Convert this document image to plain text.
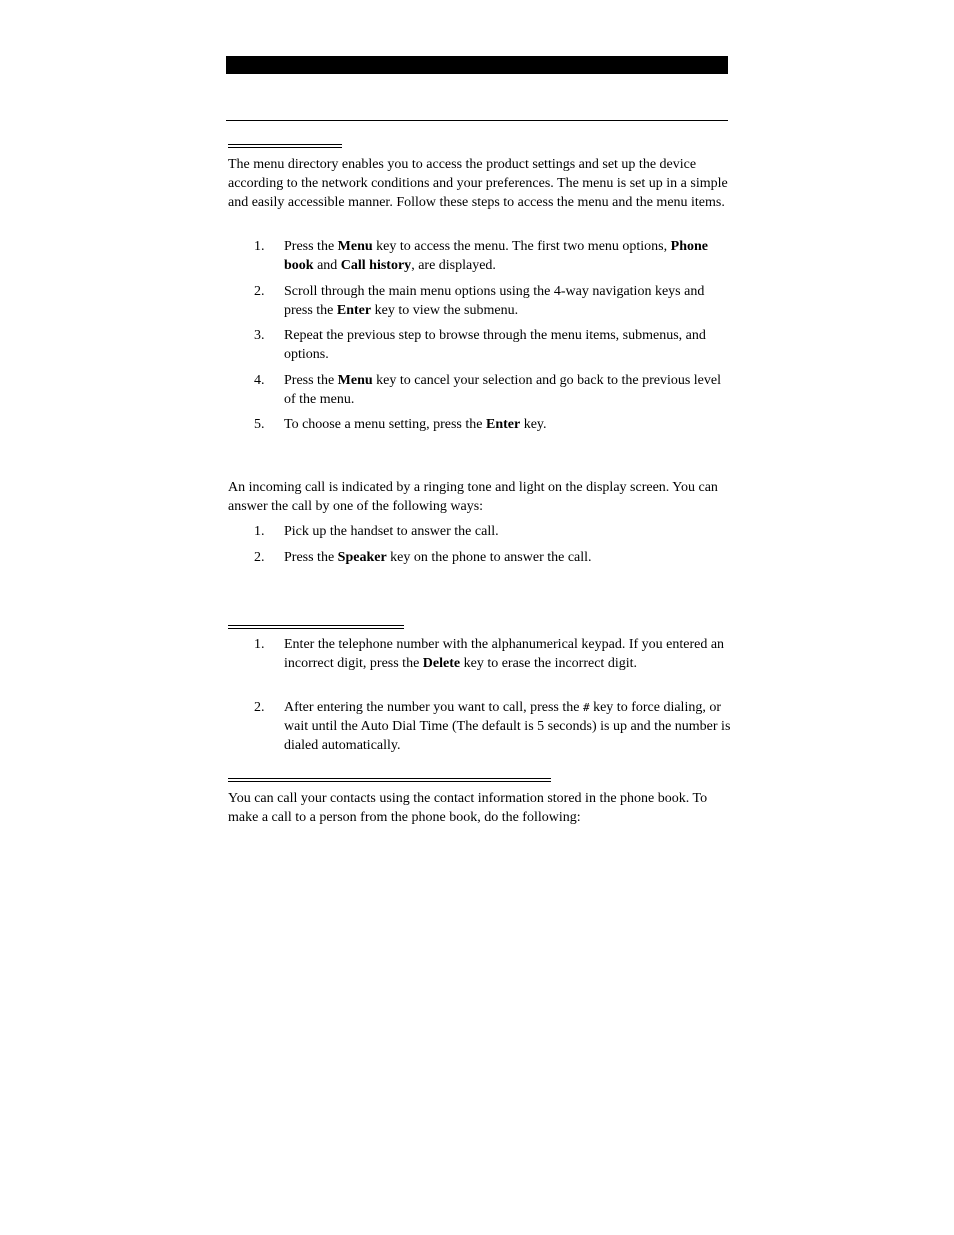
The menu directory enables you to access the product settings and set up the device according to the network conditions and your preferences. The menu is set up in a simple and easily accessible manner. Follow these steps to access the menu and the menu items.

1.	Press the Menu key to access the menu. The first two menu options, Phone book and Call history, are displayed.
2.	Scroll through the main menu options using the 4-way navigation keys and press the Enter key to view the submenu.
3.	Repeat the previous step to browse through the menu items, submenus, and options.
4.	Press the Menu key to cancel your selection and go back to the previous level of the menu.
5.	To choose a menu setting, press the Enter key.

An incoming call is indicated by a ringing tone and light on the display screen. You can answer the call by one of the following ways:

1.	Pick up the handset to answer the call.
2.	Press the Speaker key on the phone to answer the call.
1.	Enter the telephone number with the alphanumerical keypad. If you entered an incorrect digit, press the Delete key to erase the incorrect digit.
2.	After entering the number you want to call, press the # key to force dialing, or wait until the Auto Dial Time (The default is 5 seconds) is up and the number is dialed automatically.

You can call your contacts using the contact information stored in the phone book. To make a call to a person from the phone book, do the following:
